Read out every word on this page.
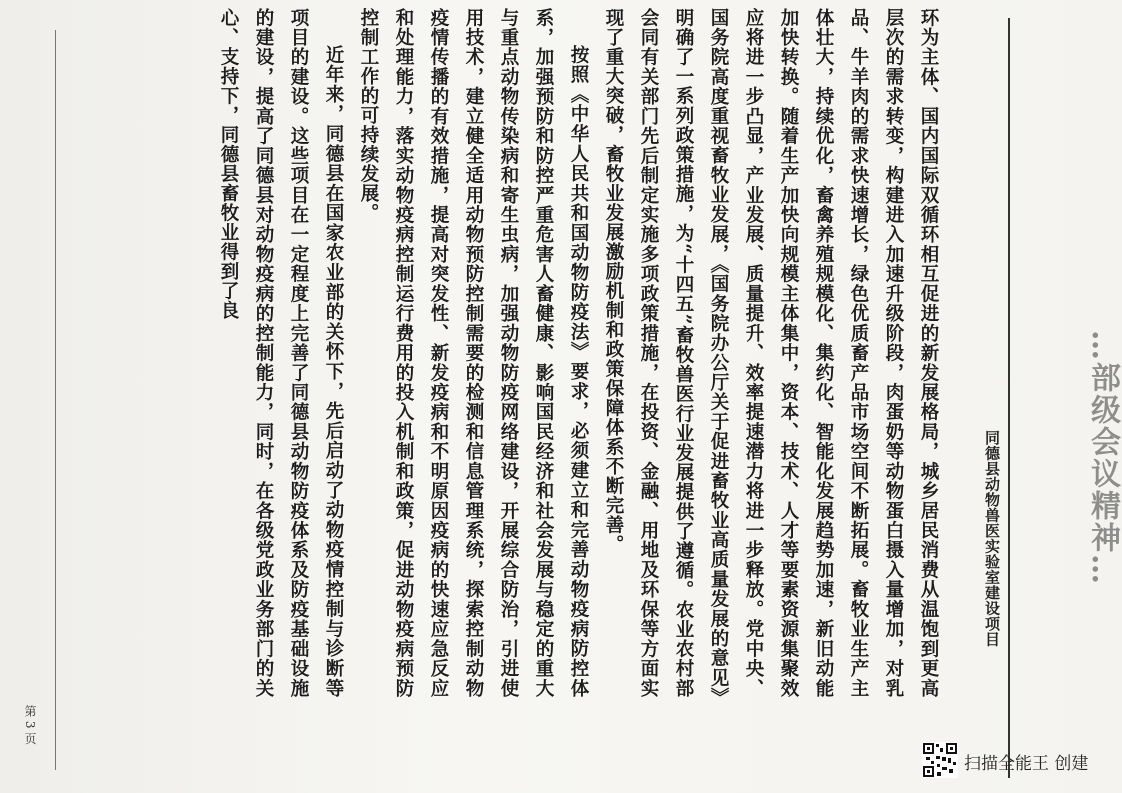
…部级会议精神…
同德县动物兽医实验室建设项目

环为主体、国内国际双循环相互促进的新发展格局，城乡居民消费从温饱到更高层次的需求转变，构建进入加速升级阶段，肉蛋奶等动物蛋白摄入量增加，对乳品、牛羊肉的需求快速增长，绿色优质畜产品市场空间不断拓展。畜牧业生产主体壮大，持续优化，畜禽养殖规模化、集约化、智能化发展趋势加速，新旧动能加快转换。随着生产加快向规模主体集中，资本、技术、人才等要素资源集聚效应将进一步凸显，产业发展、质量提升、效率提速潜力将进一步释放。党中央、国务院高度重视畜牧业发展，《国务院办公厅关于促进畜牧业高质量发展的意见》明确了一系列政策措施，为“十四五”畜牧兽医行业发展提供了遵循。农业农村部会同有关部门先后制定实施多项政策措施，在投资、金融、用地及环保等方面实现了重大突破，畜牧业发展激励机制和政策保障体系不断完善。

按照《中华人民共和国动物防疫法》要求，必须建立和完善动物疫病防控体系，加强预防和防控严重危害人畜健康、影响国民经济和社会发展与稳定的重大与重点动物传染病和寄生虫病，加强动物防疫网络建设，开展综合防治，引进使用技术，建立健全适用动物预防控制需要的检测和信息管理系统，探索控制动物疫情传播的有效措施，提高对突发性、新发疫病和不明原因疫病的快速应急反应和处理能力，落实动物疫病控制运行费用的投入机制和政策，促进动物疫病预防控制工作的可持续发展。

近年来，同德县在国家农业部的关怀下，先后启动了动物疫情控制与诊断等项目的建设。这些项目在一定程度上完善了同德县动物防疫体系及防疫基础设施的建设，提高了同德县对动物疫病的控制能力，同时，在各级党政业务部门的关心、支持下，同德县畜牧业得到了良

第 3 页
扫描全能王 创建
